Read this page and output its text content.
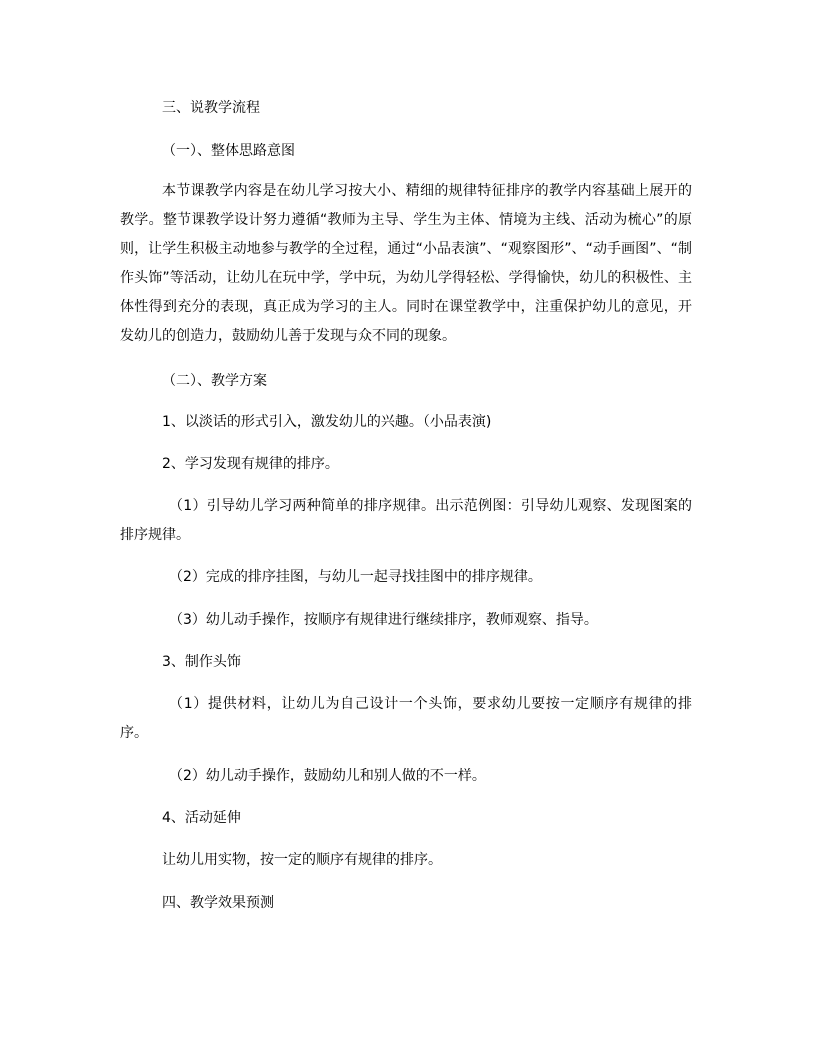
三、说教学流程

（一）、整体思路意图

本节课教学内容是在幼儿学习按大小、精细的规律特征排序的教学内容基础上展开的教学。整节课教学设计努力遵循“教师为主导、学生为主体、情境为主线、活动为梳心”的原则，让学生积极主动地参与教学的全过程，通过“小品表演”、“观察图形”、“动手画图”、“制作头饰”等活动，让幼儿在玩中学，学中玩，为幼儿学得轻松、学得愉快，幼儿的积极性、主体性得到充分的表现，真正成为学习的主人。同时在课堂教学中，注重保护幼儿的意见，开发幼儿的创造力，鼓励幼儿善于发现与众不同的现象。

（二）、教学方案

1、以淡话的形式引入，激发幼儿的兴趣。（小品表演)

2、学习发现有规律的排序。

（1）引导幼儿学习两种简单的排序规律。出示范例图：引导幼儿观察、发现图案的排序规律。

（2）完成的排序挂图，与幼儿一起寻找挂图中的排序规律。

（3）幼儿动手操作，按顺序有规律进行继续排序，教师观察、指导。

3、制作头饰

（1）提供材料，让幼儿为自己设计一个头饰，要求幼儿要按一定顺序有规律的排序。

（2）幼儿动手操作，鼓励幼儿和别人做的不一样。

4、活动延伸

让幼儿用实物，按一定的顺序有规律的排序。

四、教学效果预测
